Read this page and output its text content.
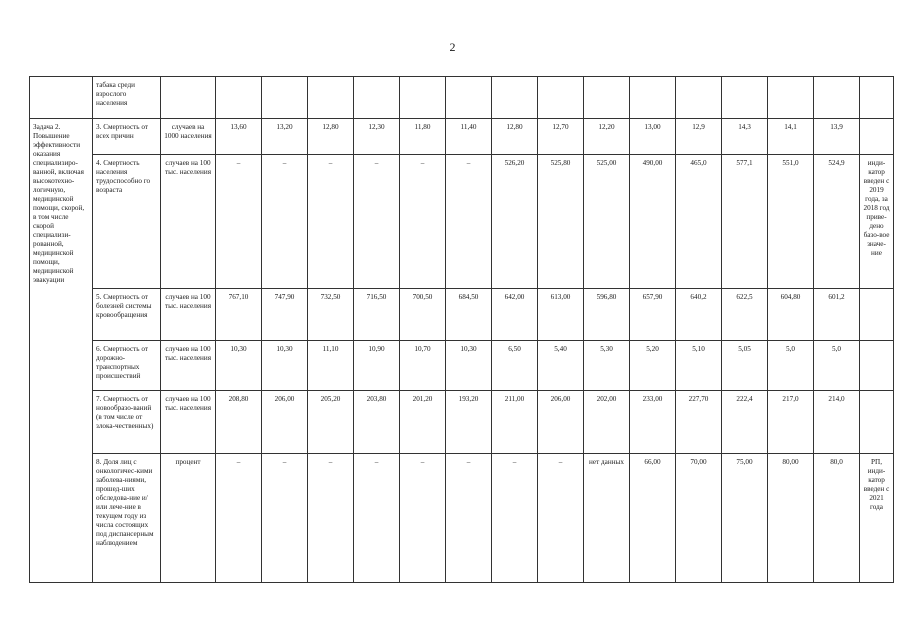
2
	табака среди взрослого населения																
Задача 2. Повышение эффективности оказания специализиро-ванной, включая высокотехно-логичную, медицинской помощи, скорой, в том числе скорой специализи-рованной, медицинской помощи, медицинской эвакуации	3. Смертность от всех причин	случаев на 1000 населения	13,60	13,20	12,80	12,30	11,80	11,40	12,80	12,70	12,20	13,00	12,9	14,3	14,1	13,9	
	4. Смертность населения трудоспособно го возраста	случаев на 100 тыс. населения	–	–	–	–	–	–	526,20	525,80	525,00	490,00	465,0	577,1	551,0	524,9	инди-катор введен с 2019 года, за 2018 год приве-дено базо-вое значе-ние
	5. Смертность от болезней системы кровообращения	случаев на 100 тыс. населения	767,10	747,90	732,50	716,50	700,50	684,50	642,00	613,00	596,80	657,90	640,2	622,5	604,80	601,2	
	6. Смертность от дорожно-транспортных происшествий	случаев на 100 тыс. населения	10,30	10,30	11,10	10,90	10,70	10,30	6,50	5,40	5,30	5,20	5,10	5,05	5,0	5,0	
	7. Смертность от новообразо-ваний (в том числе от злока-чественных)	случаев на 100 тыс. населения	208,80	206,00	205,20	203,80	201,20	193,20	211,00	206,00	202,00	233,00	227,70	222,4	217,0	214,0	
	8. Доля лиц с онкологичес-кими заболева-ниями, прошед-ших обследова-ние и/или лече-ние в текущем году из числа состоящих под диспансерным наблюдением	процент	–	–	–	–	–	–	–	–	нет данных	66,00	70,00	75,00	80,00	80,0	РП, инди-катор введен с 2021 года
